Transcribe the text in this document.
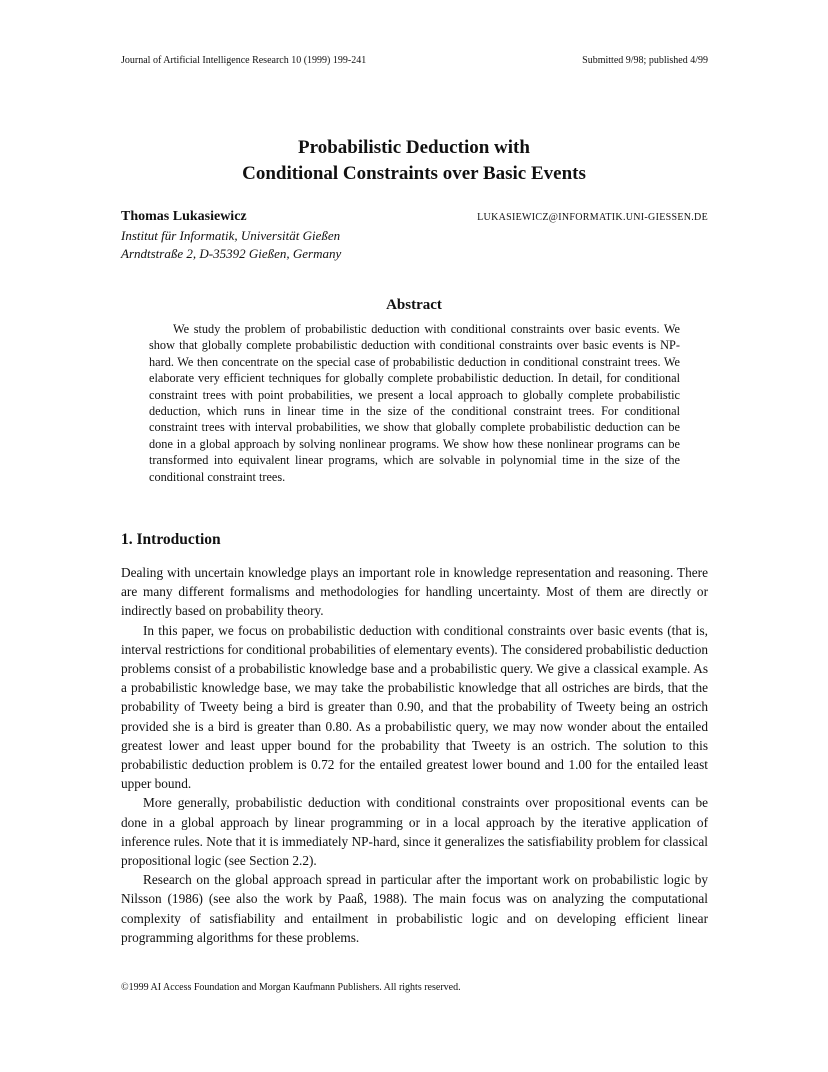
Journal of Artificial Intelligence Research 10 (1999) 199-241	Submitted 9/98; published 4/99
Probabilistic Deduction with
Conditional Constraints over Basic Events
Thomas Lukasiewicz	LUKASIEWICZ@INFORMATIK.UNI-GIESSEN.DE
Institut für Informatik, Universität Gießen
Arndtstraße 2, D-35392 Gießen, Germany
Abstract

We study the problem of probabilistic deduction with conditional constraints over basic events. We show that globally complete probabilistic deduction with conditional constraints over basic events is NP-hard. We then concentrate on the special case of probabilistic deduction in conditional constraint trees. We elaborate very efficient techniques for globally complete probabilistic deduction. In detail, for conditional constraint trees with point probabilities, we present a local approach to globally complete probabilistic deduction, which runs in linear time in the size of the conditional constraint trees. For conditional constraint trees with interval probabilities, we show that globally complete probabilistic deduction can be done in a global approach by solving nonlinear programs. We show how these nonlinear programs can be transformed into equivalent linear programs, which are solvable in polynomial time in the size of the conditional constraint trees.

1. Introduction

Dealing with uncertain knowledge plays an important role in knowledge representation and reasoning. There are many different formalisms and methodologies for handling uncertainty. Most of them are directly or indirectly based on probability theory.

In this paper, we focus on probabilistic deduction with conditional constraints over basic events (that is, interval restrictions for conditional probabilities of elementary events). The considered probabilistic deduction problems consist of a probabilistic knowledge base and a probabilistic query. We give a classical example. As a probabilistic knowledge base, we may take the probabilistic knowledge that all ostriches are birds, that the probability of Tweety being a bird is greater than 0.90, and that the probability of Tweety being an ostrich provided she is a bird is greater than 0.80. As a probabilistic query, we may now wonder about the entailed greatest lower and least upper bound for the probability that Tweety is an ostrich. The solution to this probabilistic deduction problem is 0.72 for the entailed greatest lower bound and 1.00 for the entailed least upper bound.

More generally, probabilistic deduction with conditional constraints over propositional events can be done in a global approach by linear programming or in a local approach by the iterative application of inference rules. Note that it is immediately NP-hard, since it generalizes the satisfiability problem for classical propositional logic (see Section 2.2).

Research on the global approach spread in particular after the important work on probabilistic logic by Nilsson (1986) (see also the work by Paaß, 1988). The main focus was on analyzing the computational complexity of satisfiability and entailment in probabilistic logic and on developing efficient linear programming algorithms for these problems.

©1999 AI Access Foundation and Morgan Kaufmann Publishers. All rights reserved.
